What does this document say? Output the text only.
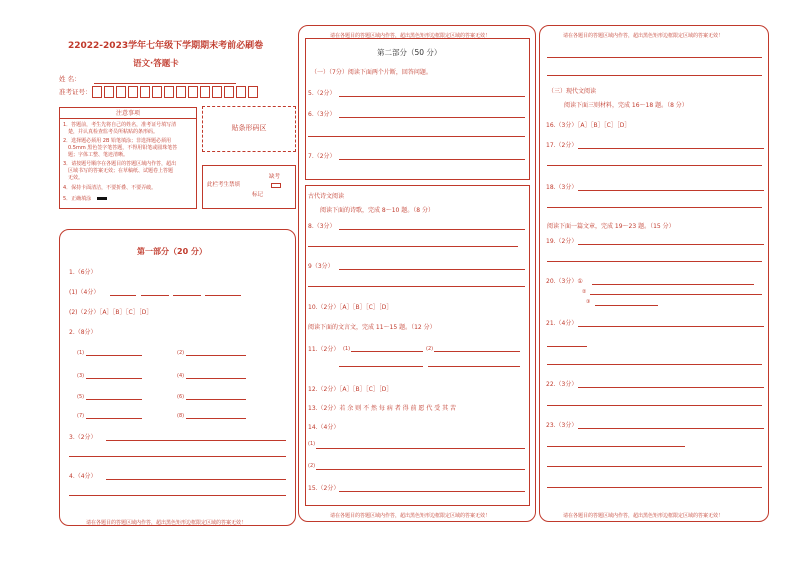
22022-2023学年七年级下学期期末考前必刷卷
语文·答题卡
姓 名：
准考证号：
注意事项
1．答题前，考生先将自己的姓名，准考证号填写清
楚，并认真检查监考员所粘贴的条形码。
2．选择题必须用 2B 铅笔填涂；非选择题必须用
0.5mm 黑色签字笔答题，不得用铅笔或圆珠笔答
题；字体工整、笔迹清晰。
3．请按题号顺序在各题目的答题区域内作答，超出
区域书写的答案无效；在草稿纸、试题卷上答题
无效。
4．保持卡面清洁，不要折叠、不要弄破。
5．正确填涂
贴条形码区
此栏考生禁填
缺考
标记
第一部分（20 分）
1.（6分）
(1)（4分）
(2)（2分）［A］［B］［C］［D］
2.（8分）
(1)	(2)
(3)	(4)
(5)	(6)
(7)	(8)
3.（2分）
4.（4分）
请在各题目的答题区域内作答，超出黑色矩形边框限定区域的答案无效！
请在各题目的答题区域内作答，超出黑色矩形边框限定区域的答案无效！
第二部分（50 分）
（一）（7分）阅读下面两个片断，回答问题。
5.（2分）
6.（3分）
7.（2分）
古代诗文阅读
阅读下面的诗歌，完成 8～10 题。（8 分）
8.（3分）
9（3分）
10.（2分）［A］［B］［C］［D］
阅读下面的文言文，完成 11～15 题。（12 分）
11.（2分） (1)	(2)
12.（2分）［A］［B］［C］［D］
13.（2分）若 余 则 不 然 每 病 者 得 前 愿 代 受 其 苦
14.（4分）
(1)
(2)
15.（2分）
请在各题目的答题区域内作答，超出黑色矩形边框限定区域的答案无效！
请在各题目的答题区域内作答，超出黑色矩形边框限定区域的答案无效！
（三）现代文阅读
阅读下面三则材料，完成 16～18 题。（8 分）
16.（3分）［A］［B］［C］［D］
17.（2分）
18.（3分）
阅读下面一篇文章，完成 19～23 题。（15 分）
19.（2分）
20.（3分）①
②
③
21.（4分）
22.（3分）
23.（3分）
请在各题目的答题区域内作答，超出黑色矩形边框限定区域的答案无效！
